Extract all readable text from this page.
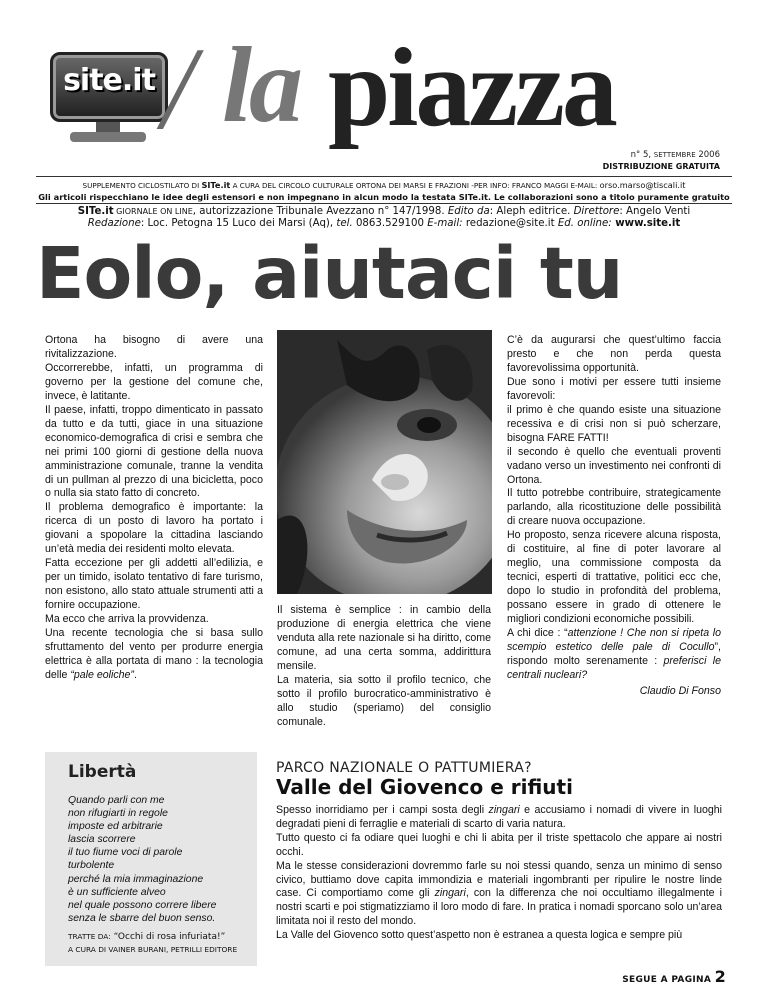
site.it / la piazza
n° 5, SETTEMBRE 2006
DISTRIBUZIONE GRATUITA
SUPPLEMENTO CICLOSTILATO DI SITe.it A CURA DEL CIRCOLO CULTURALE ORTONA DEI MARSI E FRAZIONI -PER INFO: FRANCO MAGGI E-MAIL: orso.marso@tiscali.it
Gli articoli rispecchiano le idee degli estensori e non impegnano in alcun modo la testata SITe.it. Le collaborazioni sono a titolo puramente gratuito
SITe.it GIORNALE ON LINE, autorizzazione Tribunale Avezzano n° 147/1998. Edito da: Aleph editrice. Direttore: Angelo Venti
Redazione: Loc. Petogna 15 Luco dei Marsi (Aq), tel. 0863.529100 E-mail: redazione@site.it Ed. online: www.site.it
Eolo, aiutaci tu

Ortona ha bisogno di avere una rivitalizzazione.

Occorrerebbe, infatti, un programma di governo per la gestione del comune che, invece, è latitante.

Il paese, infatti, troppo dimenticato in passato da tutto e da tutti, giace in una situazione economico-demografica di crisi e sembra che nei primi 100 giorni di gestione della nuova amministrazione comunale, tranne la vendita di un pullman al prezzo di una bicicletta, poco o nulla sia stato fatto di concreto.

Il problema demografico è importante: la ricerca di un posto di lavoro ha portato i giovani a spopolare la cittadina lasciando un’età media dei residenti molto elevata.

Fatta eccezione per gli addetti all’edilizia, e per un timido, isolato tentativo di fare turismo, non esistono, allo stato attuale strumenti atti a fornire occupazione.

Ma ecco che arriva la provvidenza.

Una recente tecnologia che si basa sullo sfruttamento del vento per produrre energia elettrica è alla portata di mano : la tecnologia delle “pale eoliche”.

Il sistema è semplice : in cambio della produzione di energia elettrica che viene venduta alla rete nazionale si ha diritto, come comune, ad una certa somma, addirittura mensile.

La materia, sia sotto il profilo tecnico, che sotto il profilo burocratico-amministrativo è allo studio (speriamo) del consiglio comunale.

C’è da augurarsi che quest’ultimo faccia presto e che non perda questa favorevolissima opportunità.

Due sono i motivi per essere tutti insieme favorevoli:

il primo è che quando esiste una situazione recessiva e di crisi non si può scherzare, bisogna FARE FATTI!

il secondo è quello che eventuali proventi vadano verso un investimento nei confronti di Ortona.

Il tutto potrebbe contribuire, strategicamente parlando, alla ricostituzione delle possibilità di creare nuova occupazione.

Ho proposto, senza ricevere alcuna risposta, di costituire, al fine di poter lavorare al meglio, una commissione composta da tecnici, esperti di trattative, politici ecc che, dopo lo studio in profondità del problema, possano essere in grado di ottenere le migliori condizioni economiche possibili.

A chi dice : “attenzione ! Che non si ripeta lo scempio estetico delle pale di Cocullo”, rispondo molto serenamente : preferisci le centrali nucleari?

Claudio Di Fonso

Libertà
Quando parli con me
non rifugiarti in regole
imposte ed arbitrarie
lascia scorrere
il tuo fiume voci di parole
turbolente
perché la mia immaginazione
è un sufficiente alveo
nel quale possono correre libere
senza le sbarre del buon senso.
TRATTE DA: “Occhi di rosa infuriata!”
A CURA DI VAINER BURANI, PETRILLI EDITORE
PARCO NAZIONALE O PATTUMIERA?
Valle del Giovenco e rifiuti

Spesso inorridiamo per i campi sosta degli zingari e accusiamo i nomadi di vivere in luoghi degradati pieni di ferraglie e materiali di scarto di varia natura.

Tutto questo ci fa odiare quei luoghi e chi li abita per il triste spettacolo che appare ai nostri occhi.

Ma le stesse considerazioni dovremmo farle su noi stessi quando, senza un minimo di senso civico, buttiamo dove capita immondizia e materiali ingombranti per ripulire le nostre linde case. Ci comportiamo come gli zingari, con la differenza che noi occultiamo illegalmente i nostri scarti e poi stigmatizziamo il loro modo di fare. In pratica i nomadi sporcano solo un’area limitata noi il resto del mondo.

La Valle del Giovenco sotto quest’aspetto non è estranea a questa logica e sempre più

SEGUE A PAGINA 2
